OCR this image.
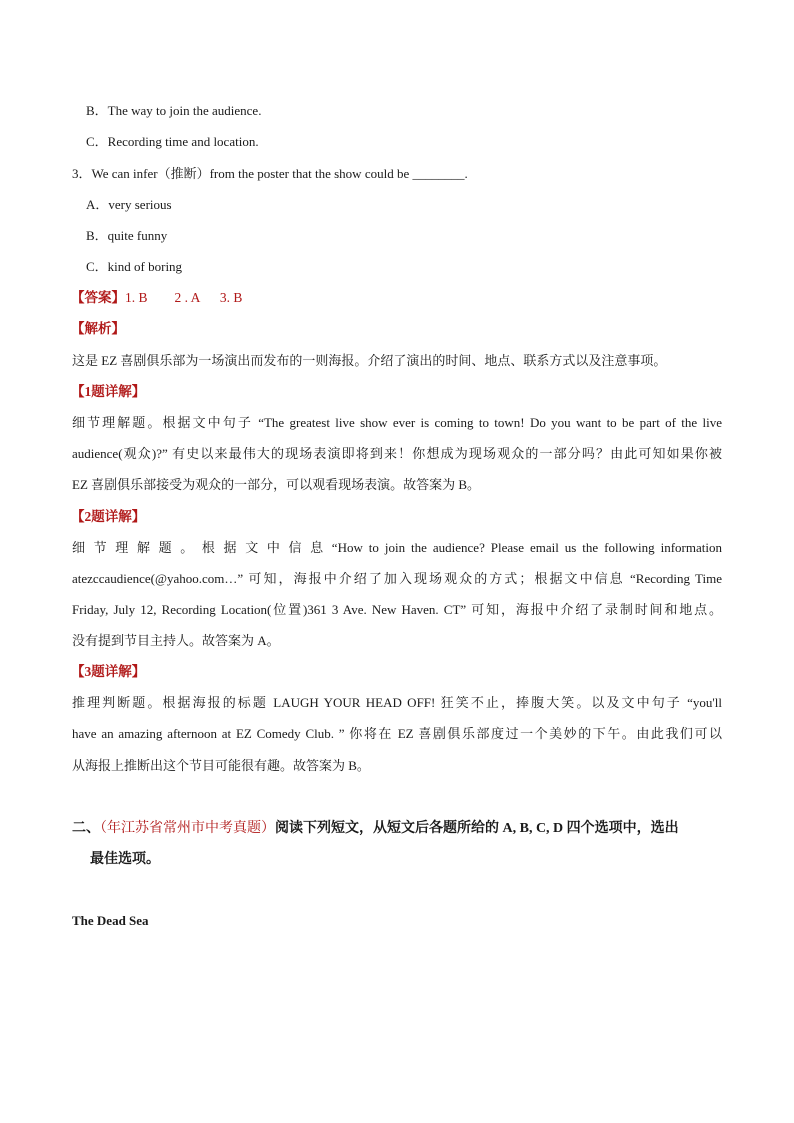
B．The way to join the audience.
C．Recording time and location.
3．We can infer（推断）from the poster that the show could be ________.
A．very serious
B．quite funny
C．kind of boring
【答案】1. B        2 . A      3. B
【解析】
这是 EZ 喜剧俱乐部为一场演出而发布的一则海报。介绍了演出的时间、地点、联系方式以及注意事项。
【1题详解】
细节理解题。根据文中句子 “The greatest live show ever is coming to town! Do you want to be part of the live
audience(观众)?” 有史以来最伟大的现场表演即将到来！你想成为现场观众的一部分吗？由此可知如果你被
EZ 喜剧俱乐部接受为观众的一部分，可以观看现场表演。故答案为 B。
【2题详解】
细 节 理 解 题 。 根 据 文 中 信 息 “How to join the audience? Please email us the following information
atezccaudience(@yahoo.com…” 可知，海报中介绍了加入现场观众的方式；根据文中信息 “Recording Time
Friday, July 12, Recording Location(位置)361 3 Ave. New Haven. CT” 可知，海报中介绍了录制时间和地点。
没有提到节目主持人。故答案为 A。
【3题详解】
推理判断题。根据海报的标题 LAUGH YOUR HEAD OFF! 狂笑不止，捧腹大笑。以及文中句子 “you'll
have an amazing afternoon at EZ Comedy Club. ” 你将在 EZ 喜剧俱乐部度过一个美妙的下午。由此我们可以
从海报上推断出这个节目可能很有趣。故答案为 B。
二、（年江苏省常州市中考真题）阅读下列短文，从短文后各题所给的 A, B, C, D 四个选项中，选出
最佳选项。
The Dead Sea
